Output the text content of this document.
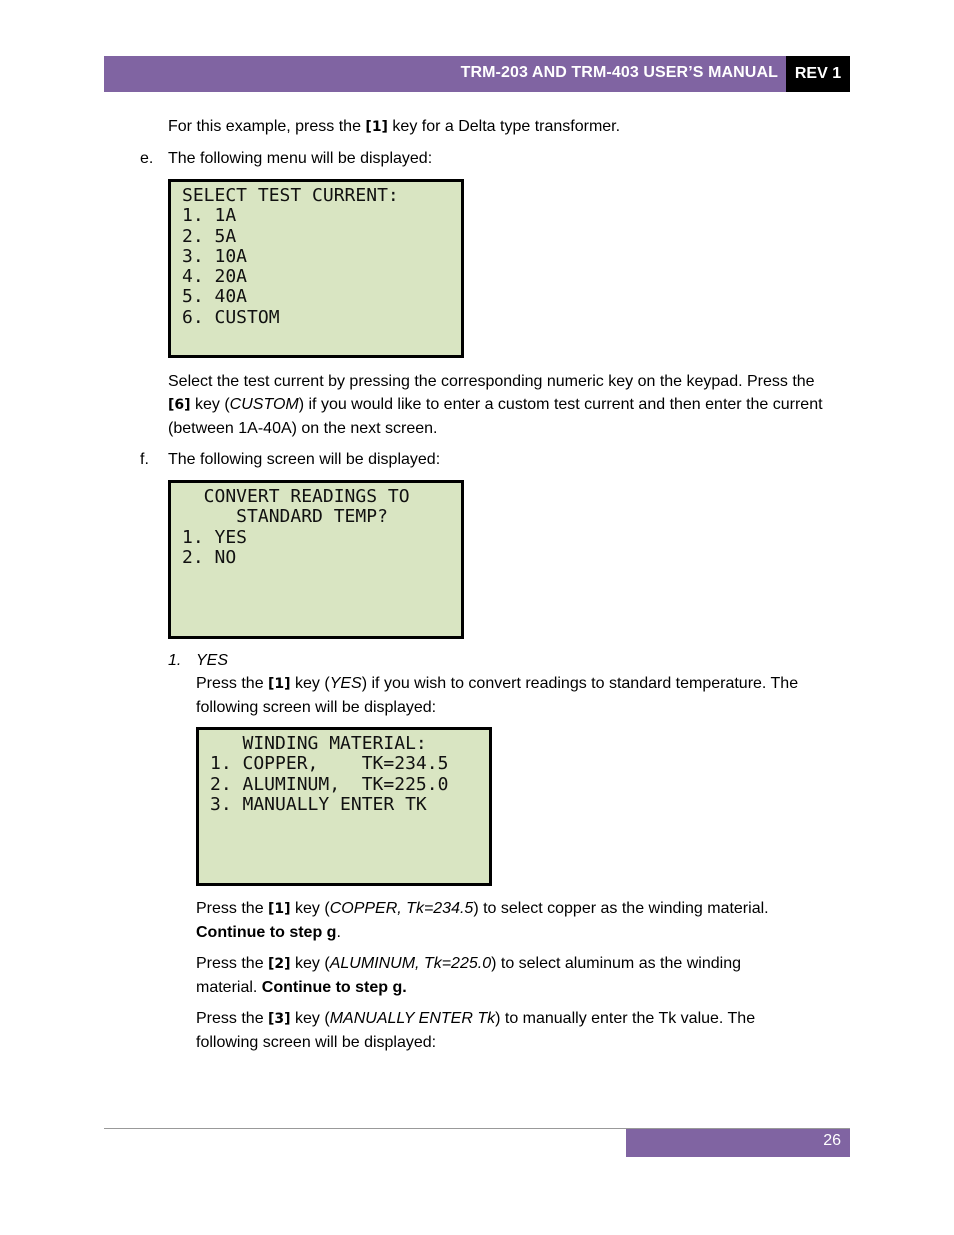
TRM-203 AND TRM-403 USER’S MANUAL	REV 1
For this example, press the [1] key for a Delta type transformer.
e. The following menu will be displayed:
SELECT TEST CURRENT:
1. 1A
2. 5A
3. 10A
4. 20A
5. 40A
6. CUSTOM
Select the test current by pressing the corresponding numeric key on the keypad. Press the [6] key (CUSTOM) if you would like to enter a custom test current and then enter the current (between 1A-40A) on the next screen.
f. The following screen will be displayed:
CONVERT READINGS TO
STANDARD TEMP?
1. YES
2. NO
1. YES
Press the [1] key (YES) if you wish to convert readings to standard temperature. The following screen will be displayed:
WINDING MATERIAL:
1. COPPER,    TK=234.5
2. ALUMINUM,  TK=225.0
3. MANUALLY ENTER TK
Press the [1] key (COPPER, Tk=234.5) to select copper as the winding material.
Continue to step g.
Press the [2] key (ALUMINUM, Tk=225.0) to select aluminum as the winding material. Continue to step g.
Press the [3] key (MANUALLY ENTER Tk) to manually enter the Tk value. The following screen will be displayed:
26
